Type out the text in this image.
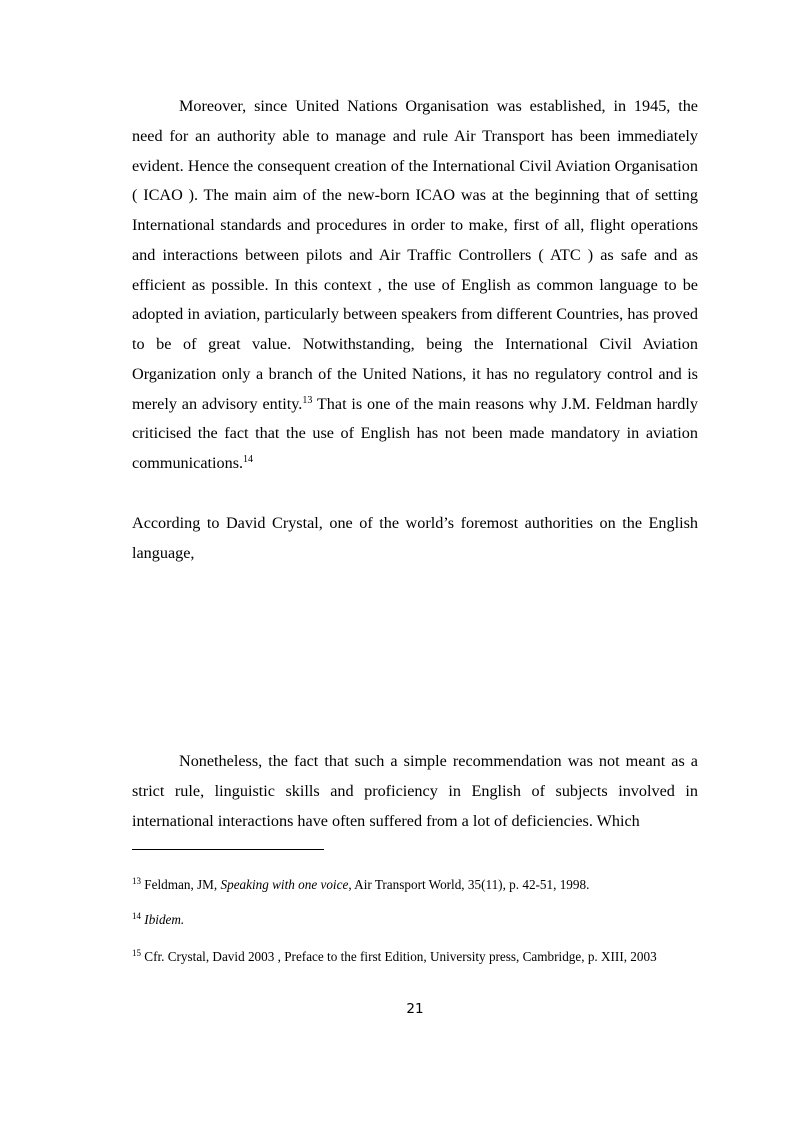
Moreover, since United Nations Organisation was established, in 1945, the need for an authority able to manage and rule Air Transport has been immediately evident. Hence the consequent creation of the International Civil Aviation Organisation ( ICAO ). The main aim of the new-born ICAO was at the beginning that of setting International standards and procedures in order to make, first of all, flight operations and interactions between pilots and Air Traffic Controllers ( ATC ) as safe and as efficient as possible. In this context , the use of English as common language to be adopted in aviation, particularly between speakers from different Countries, has proved to be of great value. Notwithstanding, being the International Civil Aviation Organization only a branch of the United Nations, it has no regulatory control and is merely an advisory entity.$^{13}$ That is one of the main reasons why J.M. Feldman hardly criticised the fact that the use of English has not been made mandatory in aviation communications.$^{14}$

According to David Crystal, one of the world’s foremost authorities on the English language,

Nonetheless, the fact that such a simple recommendation was not meant as a strict rule, linguistic skills and proficiency in English of subjects involved in international interactions have often suffered from a lot of deficiencies. Which

$^{13}$ Feldman, JM, Speaking with one voice, Air Transport World, 35(11), p. 42-51, 1998.

$^{14}$ Ibidem.

$^{15}$ Cfr. Crystal, David 2003 , Preface to the first Edition, University press, Cambridge, p. XIII, 2003

21
